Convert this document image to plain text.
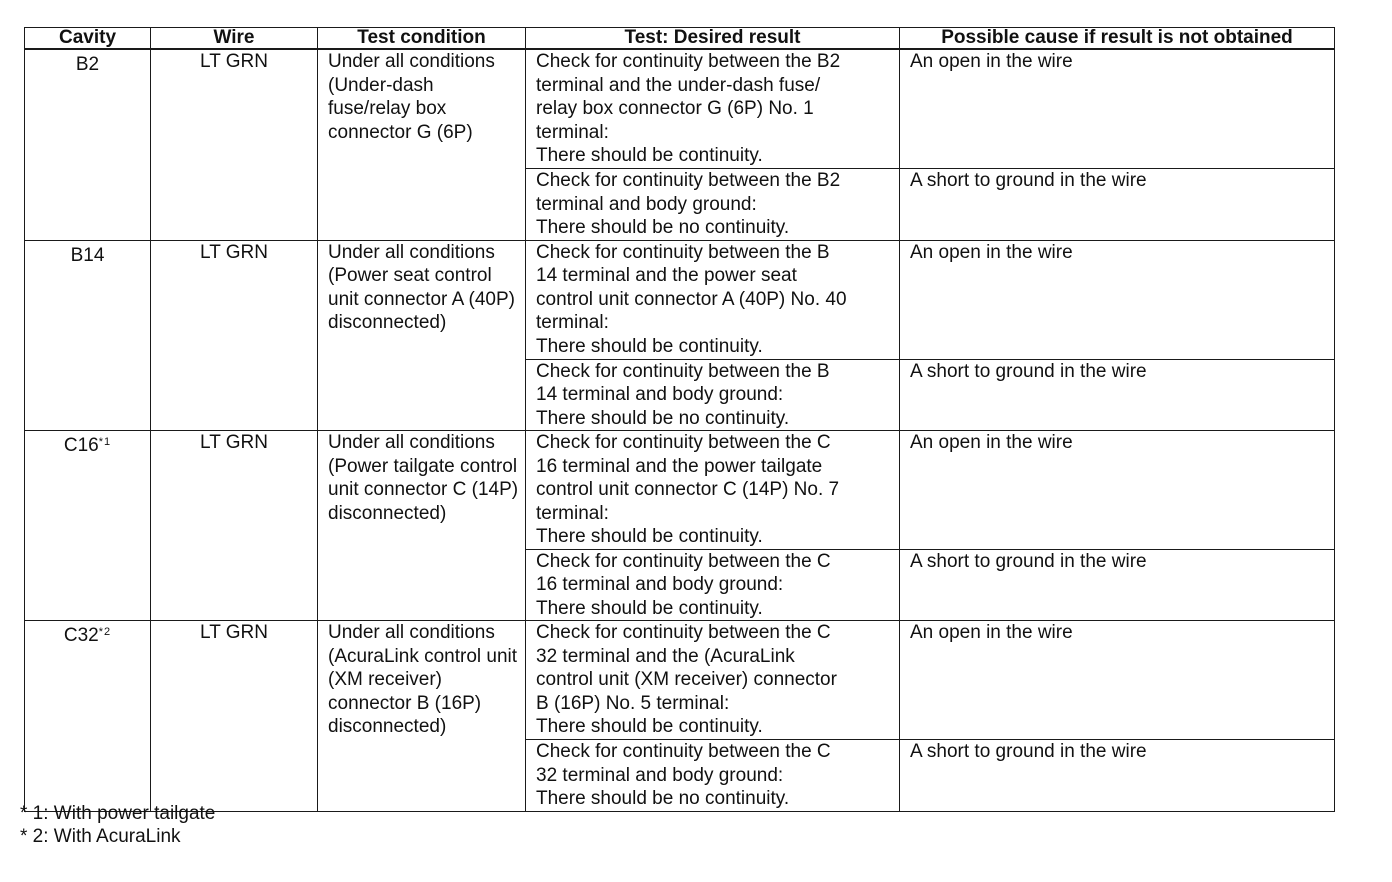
Cavity	Wire	Test condition	Test: Desired result	Possible cause if result is not obtained
B2	LT GRN	Under all conditions (Under-dash fuse/relay box connector G (6P)	Check for continuity between the B2
terminal and the under-dash fuse/
relay box connector G (6P) No. 1
terminal:
There should be continuity.	An open in the wire

			Check for continuity between the B2
terminal and body ground:
There should be no continuity.	A short to ground in the wire
B14	LT GRN	Under all conditions (Power seat control unit connector A (40P) disconnected)	Check for continuity between the B
14 terminal and the power seat
control unit connector A (40P) No. 40
terminal:
There should be continuity.	An open in the wire

			Check for continuity between the B
14 terminal and body ground:
There should be no continuity.	A short to ground in the wire
C16$^{*1}$	LT GRN	Under all conditions (Power tailgate control unit connector C (14P) disconnected)	Check for continuity between the C
16 terminal and the power tailgate
control unit connector C (14P) No. 7
terminal:
There should be continuity.	An open in the wire

			Check for continuity between the C
16 terminal and body ground:
There should be continuity.	A short to ground in the wire
C32$^{*2}$	LT GRN	Under all conditions (AcuraLink control unit (XM receiver) connector B (16P) disconnected)	Check for continuity between the C
32 terminal and the (AcuraLink
control unit (XM receiver) connector
B (16P) No. 5 terminal:
There should be continuity.	An open in the wire

			Check for continuity between the C
32 terminal and body ground:
There should be no continuity.	A short to ground in the wire
* 1: With power tailgate
* 2: With AcuraLink
